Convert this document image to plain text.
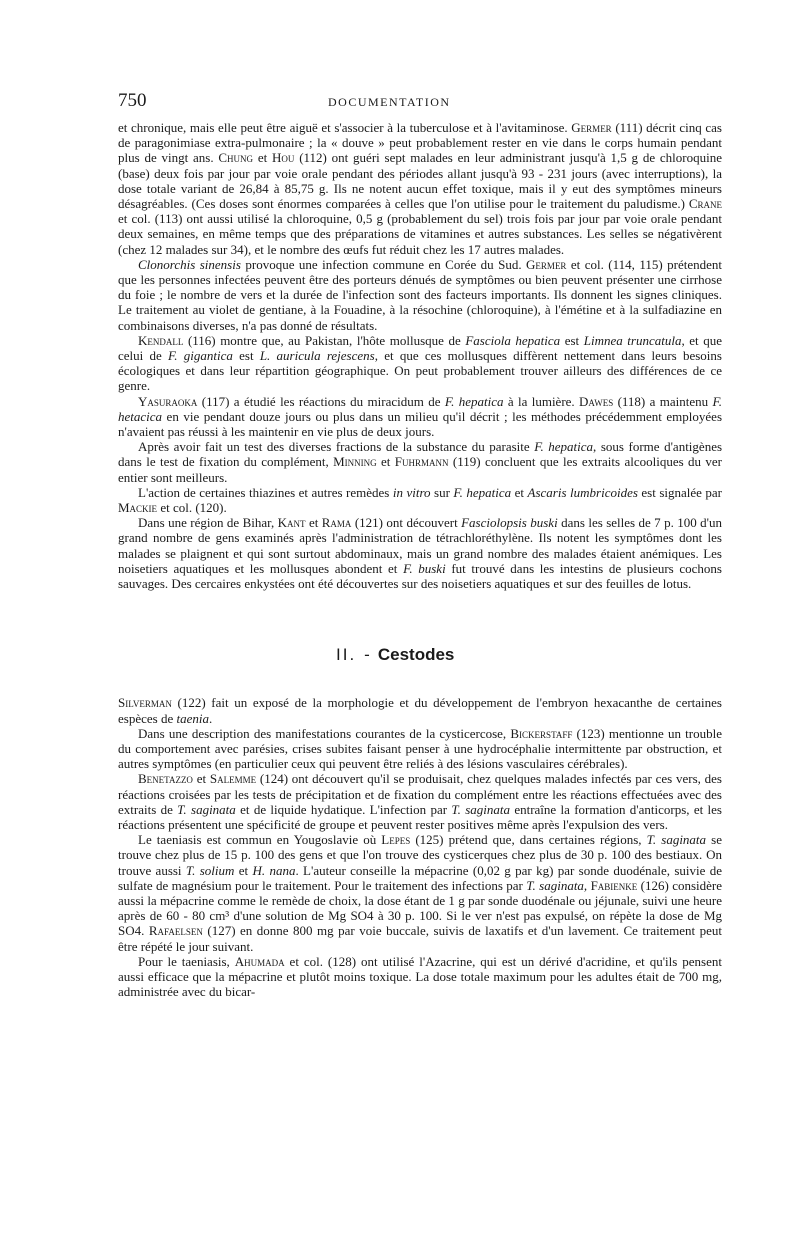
750	DOCUMENTATION

et chronique, mais elle peut être aiguë et s'associer à la tuberculose et à l'avitaminose. Germer (111) décrit cinq cas de paragonimiase extra-pulmonaire ; la « douve » peut probablement rester en vie dans le corps humain pendant plus de vingt ans. Chung et Hou (112) ont guéri sept malades en leur administrant jusqu'à 1,5 g de chloroquine (base) deux fois par jour par voie orale pendant des périodes allant jusqu'à 93 - 231 jours (avec interruptions), la dose totale variant de 26,84 à 85,75 g. Ils ne notent aucun effet toxique, mais il y eut des symptômes mineurs désagréables. (Ces doses sont énormes comparées à celles que l'on utilise pour le traitement du paludisme.) Crane et col. (113) ont aussi utilisé la chloroquine, 0,5 g (probablement du sel) trois fois par jour par voie orale pendant deux semaines, en même temps que des préparations de vitamines et autres substances. Les selles se négativèrent (chez 12 malades sur 34), et le nombre des œufs fut réduit chez les 17 autres malades.

Clonorchis sinensis provoque une infection commune en Corée du Sud. Germer et col. (114, 115) prétendent que les personnes infectées peuvent être des porteurs dénués de symptômes ou bien peuvent présenter une cirrhose du foie ; le nombre de vers et la durée de l'infection sont des facteurs importants. Ils donnent les signes cliniques. Le traitement au violet de gentiane, à la Fouadine, à la résochine (chloroquine), à l'émétine et à la sulfadiazine en combinaisons diverses, n'a pas donné de résultats.

Kendall (116) montre que, au Pakistan, l'hôte mollusque de Fasciola hepatica est Limnea truncatula, et que celui de F. gigantica est L. auricula rejescens, et que ces mollusques diffèrent nettement dans leurs besoins écologiques et dans leur répartition géographique. On peut probablement trouver ailleurs des différences de ce genre.

Yasuraoka (117) a étudié les réactions du miracidum de F. hepatica à la lumière. Dawes (118) a maintenu F. hetacica en vie pendant douze jours ou plus dans un milieu qu'il décrit ; les méthodes précédemment employées n'avaient pas réussi à les maintenir en vie plus de deux jours.

Après avoir fait un test des diverses fractions de la substance du parasite F. hepatica, sous forme d'antigènes dans le test de fixation du complément, Minning et Fuhrmann (119) concluent que les extraits alcooliques du ver entier sont meilleurs.

L'action de certaines thiazines et autres remèdes in vitro sur F. hepatica et Ascaris lumbricoides est signalée par Mackie et col. (120).

Dans une région de Bihar, Kant et Rama (121) ont découvert Fasciolopsis buski dans les selles de 7 p. 100 d'un grand nombre de gens examinés après l'administration de tétrachloréthylène. Ils notent les symptômes dont les malades se plaignent et qui sont surtout abdominaux, mais un grand nombre des malades étaient anémiques. Les noisetiers aquatiques et les mollusques abondent et F. buski fut trouvé dans les intestins de plusieurs cochons sauvages. Des cercaires enkystées ont été découvertes sur des noisetiers aquatiques et sur des feuilles de lotus.

II. - Cestodes

Silverman (122) fait un exposé de la morphologie et du développement de l'embryon hexacanthe de certaines espèces de taenia.

Dans une description des manifestations courantes de la cysticercose, Bickerstaff (123) mentionne un trouble du comportement avec parésies, crises subites faisant penser à une hydrocéphalie intermittente par obstruction, et autres symptômes (en particulier ceux qui peuvent être reliés à des lésions vasculaires cérébrales).

Benetazzo et Salemme (124) ont découvert qu'il se produisait, chez quelques malades infectés par ces vers, des réactions croisées par les tests de précipitation et de fixation du complément entre les réactions effectuées avec des extraits de T. saginata et de liquide hydatique. L'infection par T. saginata entraîne la formation d'anticorps, et les réactions présentent une spécificité de groupe et peuvent rester positives même après l'expulsion des vers.

Le taeniasis est commun en Yougoslavie où Lepes (125) prétend que, dans certaines régions, T. saginata se trouve chez plus de 15 p. 100 des gens et que l'on trouve des cysticerques chez plus de 30 p. 100 des bestiaux. On trouve aussi T. solium et H. nana. L'auteur conseille la mépacrine (0,02 g par kg) par sonde duodénale, suivie de sulfate de magnésium pour le traitement. Pour le traitement des infections par T. saginata, Fabienke (126) considère aussi la mépacrine comme le remède de choix, la dose étant de 1 g par sonde duodénale ou jéjunale, suivi une heure après de 60 - 80 cm³ d'une solution de Mg SO4 à 30 p. 100. Si le ver n'est pas expulsé, on répète la dose de Mg SO4. Rafaelsen (127) en donne 800 mg par voie buccale, suivis de laxatifs et d'un lavement. Ce traitement peut être répété le jour suivant.

Pour le taeniasis, Ahumada et col. (128) ont utilisé l'Azacrine, qui est un dérivé d'acridine, et qu'ils pensent aussi efficace que la mépacrine et plutôt moins toxique. La dose totale maximum pour les adultes était de 700 mg, administrée avec du bicar-
